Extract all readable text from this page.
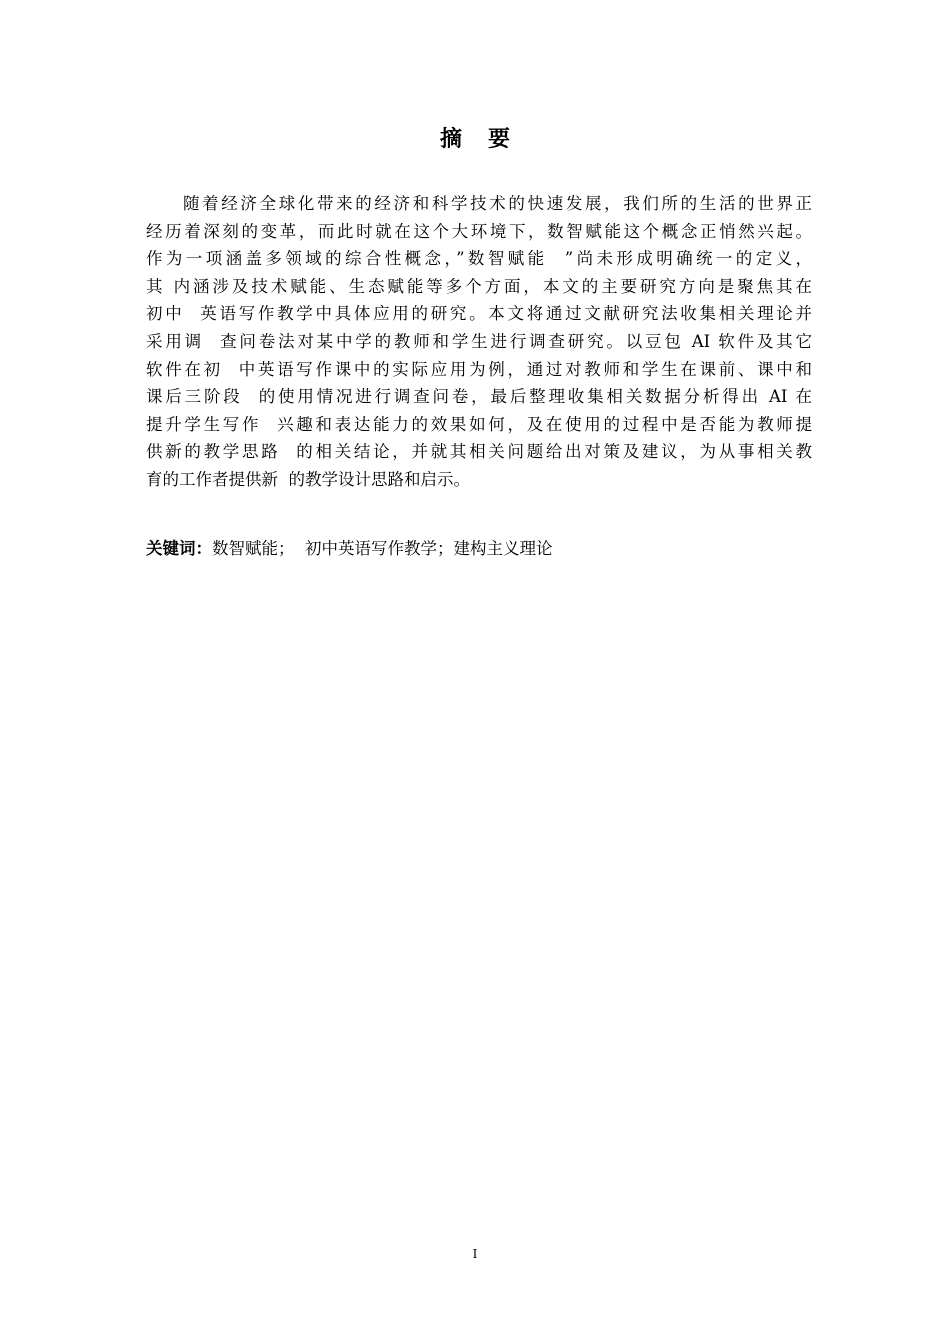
摘要
随着经济全球化带来的经济和科学技术的快速发展，我们所的生活的世界正
经历着深刻的变革，而此时就在这个大环境下，数智赋能这个概念正悄然兴起。
作为一项涵盖多领域的综合性概念，”数智赋能  ”尚未形成明确统一的定义，
其 内涵涉及技术赋能、生态赋能等多个方面，本文的主要研究方向是聚焦其在
初中  英语写作教学中具体应用的研究。本文将通过文献研究法收集相关理论并
采用调  查问卷法对某中学的教师和学生进行调查研究。以豆包 AI 软件及其它
软件在初  中英语写作课中的实际应用为例，通过对教师和学生在课前、课中和
课后三阶段  的使用情况进行调查问卷，最后整理收集相关数据分析得出 AI 在
提升学生写作  兴趣和表达能力的效果如何，及在使用的过程中是否能为教师提
供新的教学思路  的相关结论，并就其相关问题给出对策及建议，为从事相关教
育的工作者提供新  的教学设计思路和启示。

关键词：数智赋能；  初中英语写作教学；建构主义理论

I
